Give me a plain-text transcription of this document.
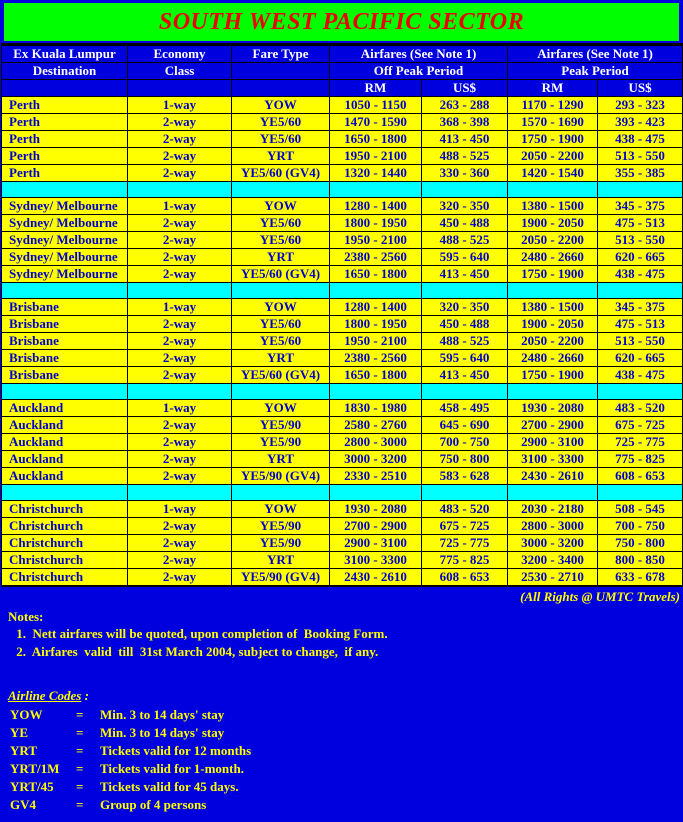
SOUTH WEST PACIFIC SECTOR
Ex Kuala Lumpur	Economy	Fare Type	Airfares (See Note 1)		Airfares (See Note 1)	
Destination	Class		Off Peak Period		Peak Period	
			RM	US$	RM	US$
Perth	1-way	YOW	1050 - 1150	263 - 288	1170 - 1290	293 - 323
Perth	2-way	YE5/60	1470 - 1590	368 - 398	1570 - 1690	393 - 423
Perth	2-way	YE5/60	1650 - 1800	413 - 450	1750 - 1900	438 - 475
Perth	2-way	YRT	1950 - 2100	488 - 525	2050 - 2200	513 - 550
Perth	2-way	YE5/60 (GV4)	1320 - 1440	330 - 360	1420 - 1540	355 - 385

Sydney/ Melbourne	1-way	YOW	1280 - 1400	320 - 350	1380 - 1500	345 - 375
Sydney/ Melbourne	2-way	YE5/60	1800 - 1950	450 - 488	1900 - 2050	475 - 513
Sydney/ Melbourne	2-way	YE5/60	1950 - 2100	488 - 525	2050 - 2200	513 - 550
Sydney/ Melbourne	2-way	YRT	2380 - 2560	595 - 640	2480 - 2660	620 - 665
Sydney/ Melbourne	2-way	YE5/60 (GV4)	1650 - 1800	413 - 450	1750 - 1900	438 - 475

Brisbane	1-way	YOW	1280 - 1400	320 - 350	1380 - 1500	345 - 375
Brisbane	2-way	YE5/60	1800 - 1950	450 - 488	1900 - 2050	475 - 513
Brisbane	2-way	YE5/60	1950 - 2100	488 - 525	2050 - 2200	513 - 550
Brisbane	2-way	YRT	2380 - 2560	595 - 640	2480 - 2660	620 - 665
Brisbane	2-way	YE5/60 (GV4)	1650 - 1800	413 - 450	1750 - 1900	438 - 475

Auckland	1-way	YOW	1830 - 1980	458 - 495	1930 - 2080	483 - 520
Auckland	2-way	YE5/90	2580 - 2760	645 - 690	2700 - 2900	675 - 725
Auckland	2-way	YE5/90	2800 - 3000	700 - 750	2900 - 3100	725 - 775
Auckland	2-way	YRT	3000 - 3200	750 - 800	3100 - 3300	775 - 825
Auckland	2-way	YE5/90 (GV4)	2330 - 2510	583 - 628	2430 - 2610	608 - 653

Christchurch	1-way	YOW	1930 - 2080	483 - 520	2030 - 2180	508 - 545
Christchurch	2-way	YE5/90	2700 - 2900	675 - 725	2800 - 3000	700 - 750
Christchurch	2-way	YE5/90	2900 - 3100	725 - 775	3000 - 3200	750 - 800
Christchurch	2-way	YRT	3100 - 3300	775 - 825	3200 - 3400	800 - 850
Christchurch	2-way	YE5/90 (GV4)	2430 - 2610	608 - 653	2530 - 2710	633 - 678
(All Rights @ UMTC Travels)
Notes:
1.  Nett airfares will be quoted, upon completion of  Booking Form.
2.  Airfares  valid  till  31st March 2004, subject to change,  if any.
Airline Codes :
YOW	= Min. 3 to 14 days' stay
YE	= Min. 3 to 14 days' stay
YRT	= Tickets valid for 12 months
YRT/1M = Tickets valid for 1-month.
YRT/45 = Tickets valid for 45 days.
GV4	= Group of 4 persons
